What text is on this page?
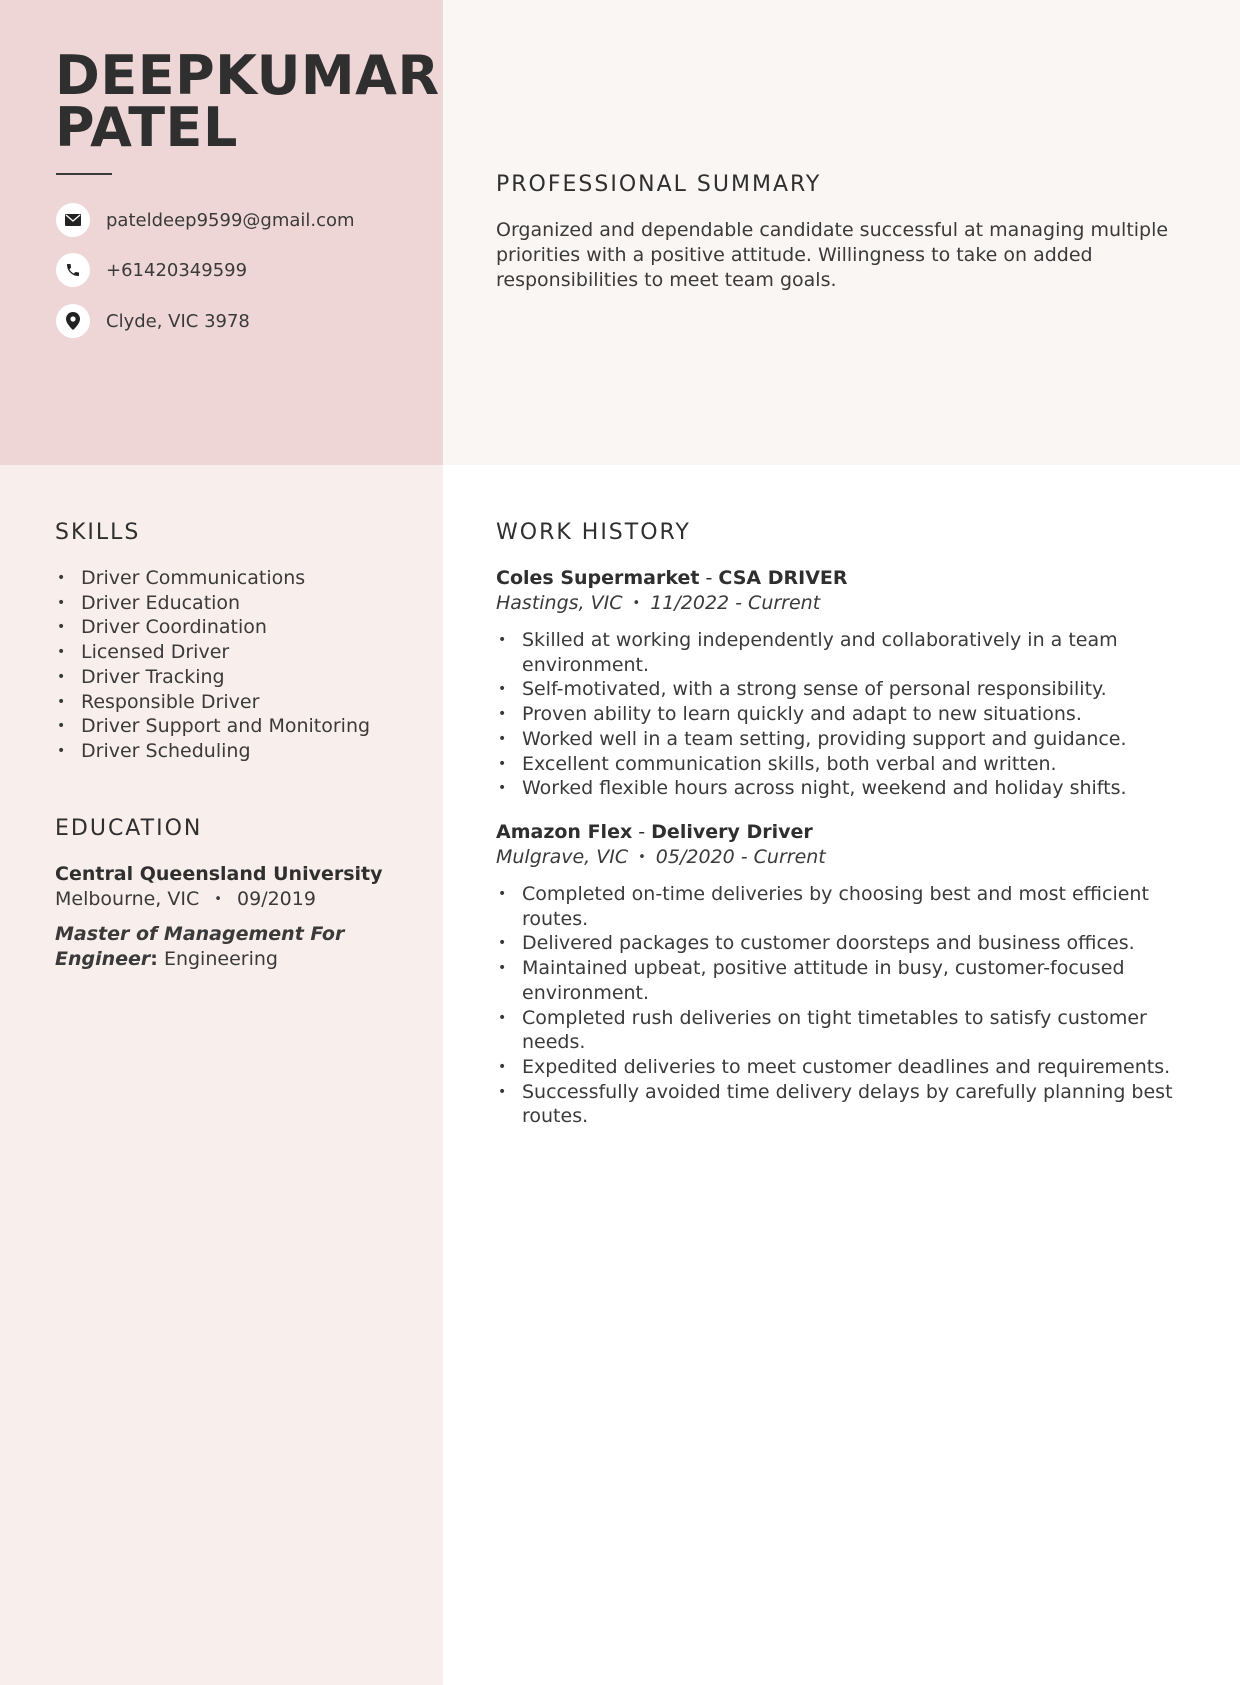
DEEPKUMAR
PATEL
pateldeep9599@gmail.com
+61420349599
Clyde, VIC 3978
PROFESSIONAL SUMMARY

Organized and dependable candidate successful at managing multiple priorities with a positive attitude. Willingness to take on added responsibilities to meet team goals.

SKILLS
• Driver Communications
• Driver Education
• Driver Coordination
• Licensed Driver
• Driver Tracking
• Responsible Driver
• Driver Support and Monitoring
• Driver Scheduling
EDUCATION
Central Queensland University
Melbourne, VIC • 09/2019
Master of Management For Engineer: Engineering
WORK HISTORY
Coles Supermarket - CSA DRIVER
Hastings, VIC • 11/2022 - Current
• Skilled at working independently and collaboratively in a team environment.
• Self-motivated, with a strong sense of personal responsibility.
• Proven ability to learn quickly and adapt to new situations.
• Worked well in a team setting, providing support and guidance.
• Excellent communication skills, both verbal and written.
• Worked flexible hours across night, weekend and holiday shifts.
Amazon Flex - Delivery Driver
Mulgrave, VIC • 05/2020 - Current
• Completed on-time deliveries by choosing best and most efficient routes.
• Delivered packages to customer doorsteps and business offices.
• Maintained upbeat, positive attitude in busy, customer-focused environment.
• Completed rush deliveries on tight timetables to satisfy customer needs.
• Expedited deliveries to meet customer deadlines and requirements.
• Successfully avoided time delivery delays by carefully planning best routes.
